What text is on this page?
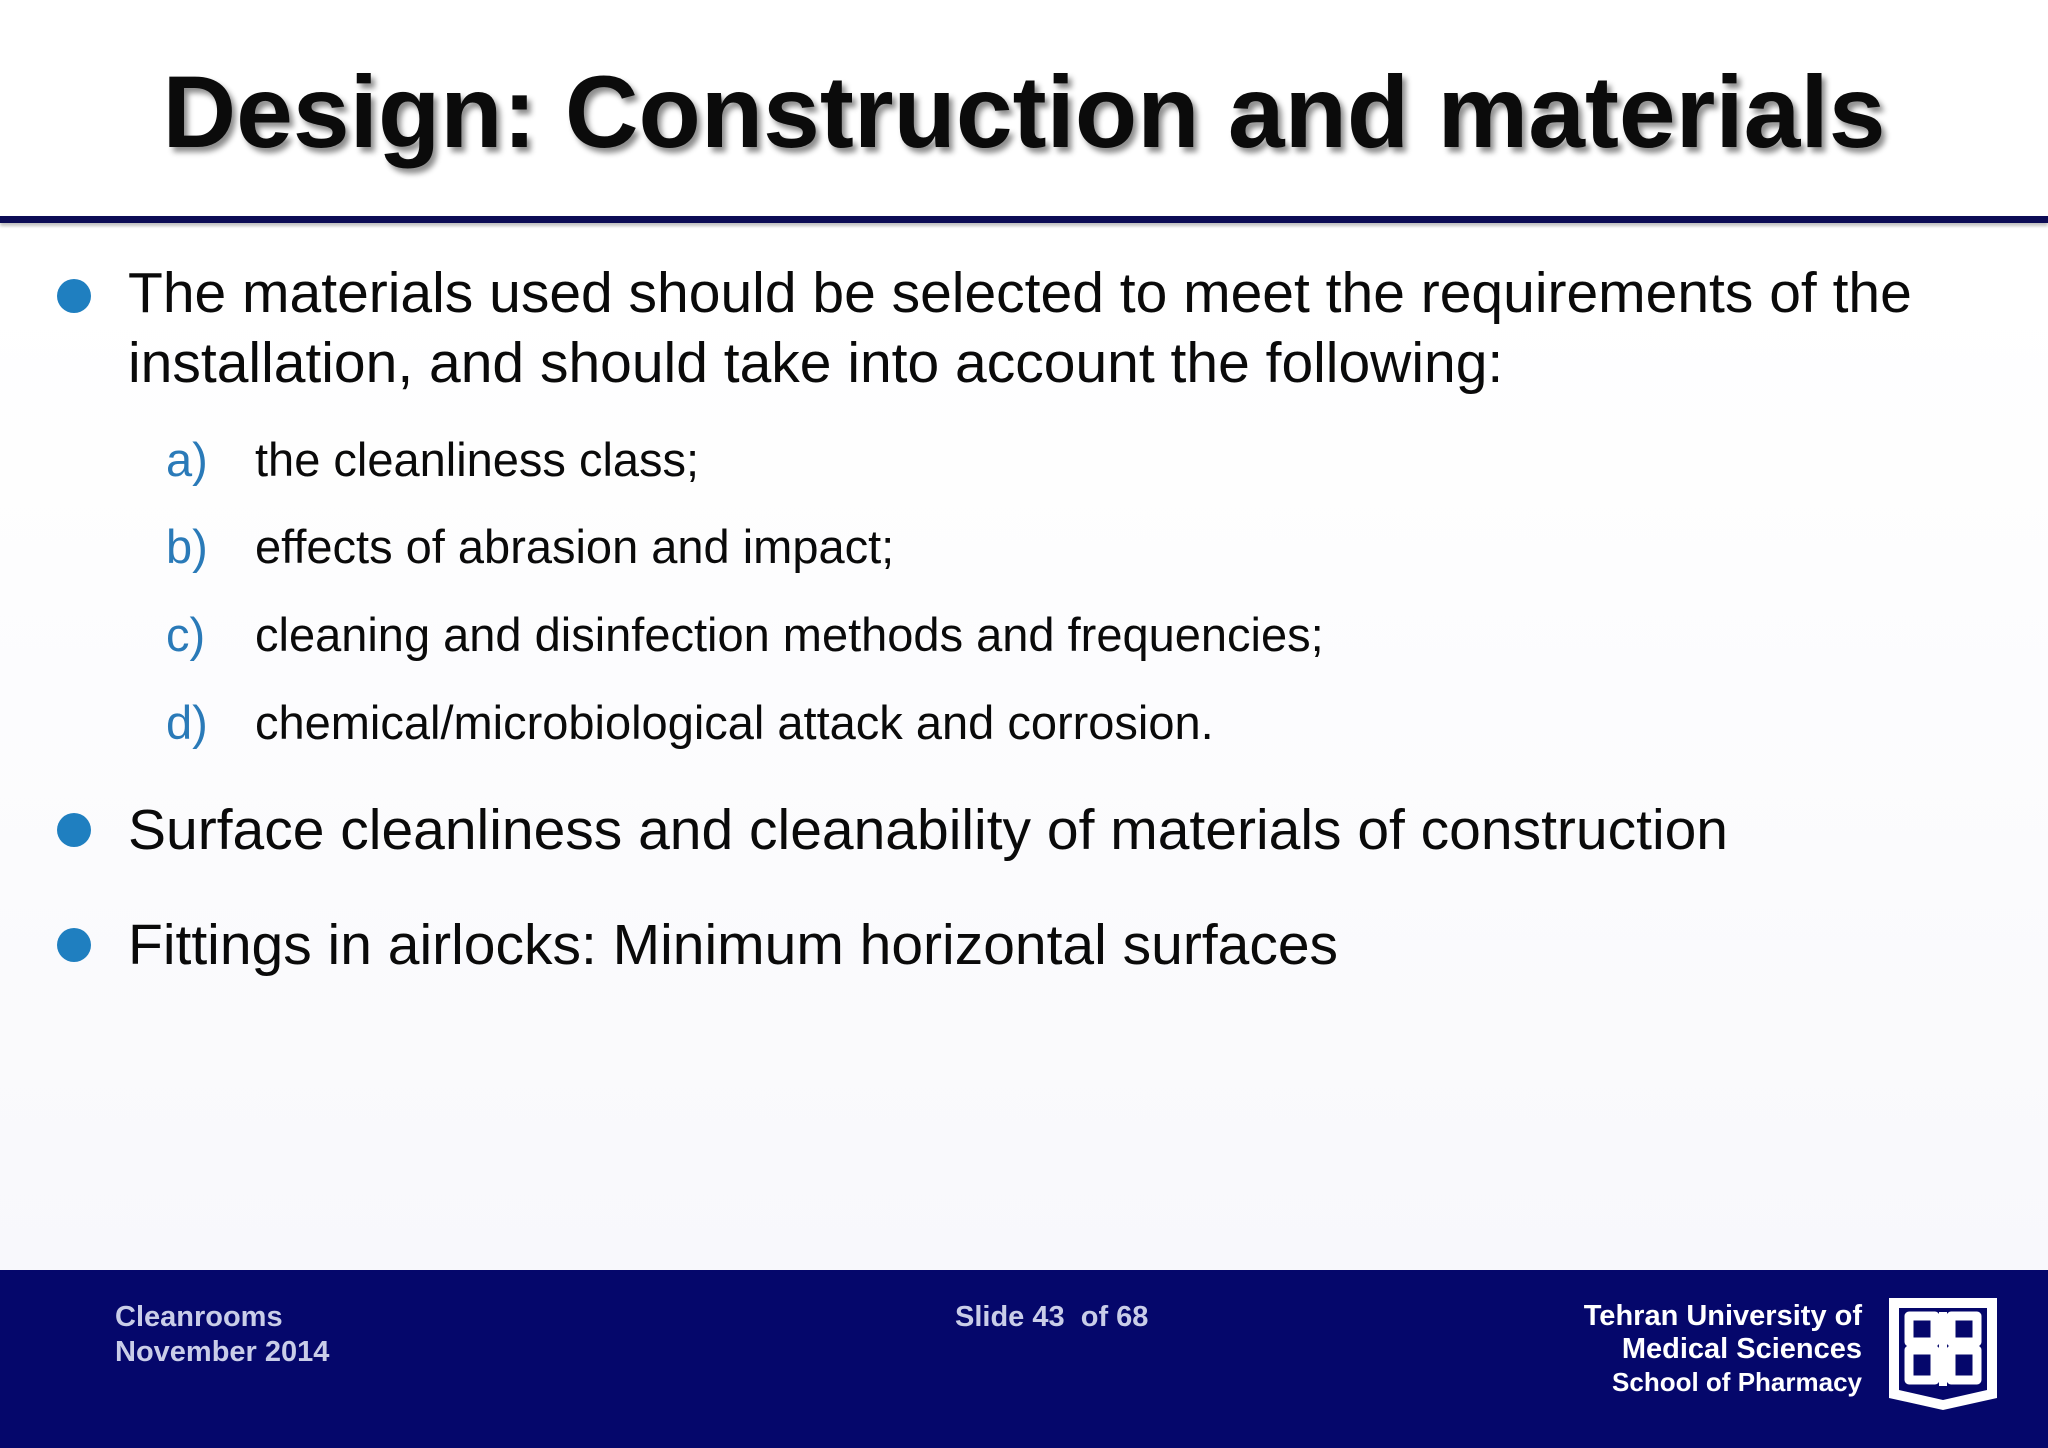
Design: Construction and materials
The materials used should be selected to meet the requirements of the installation, and should take into account the following:
a) the cleanliness class;
b) effects of abrasion and impact;
c) cleaning and disinfection methods and frequencies;
d) chemical/microbiological attack and corrosion.
Surface cleanliness and cleanability of materials of construction
Fittings in airlocks: Minimum horizontal surfaces
Cleanrooms
November 2014
Slide 43  of 68	Tehran University of
Medical Sciences
School of Pharmacy
